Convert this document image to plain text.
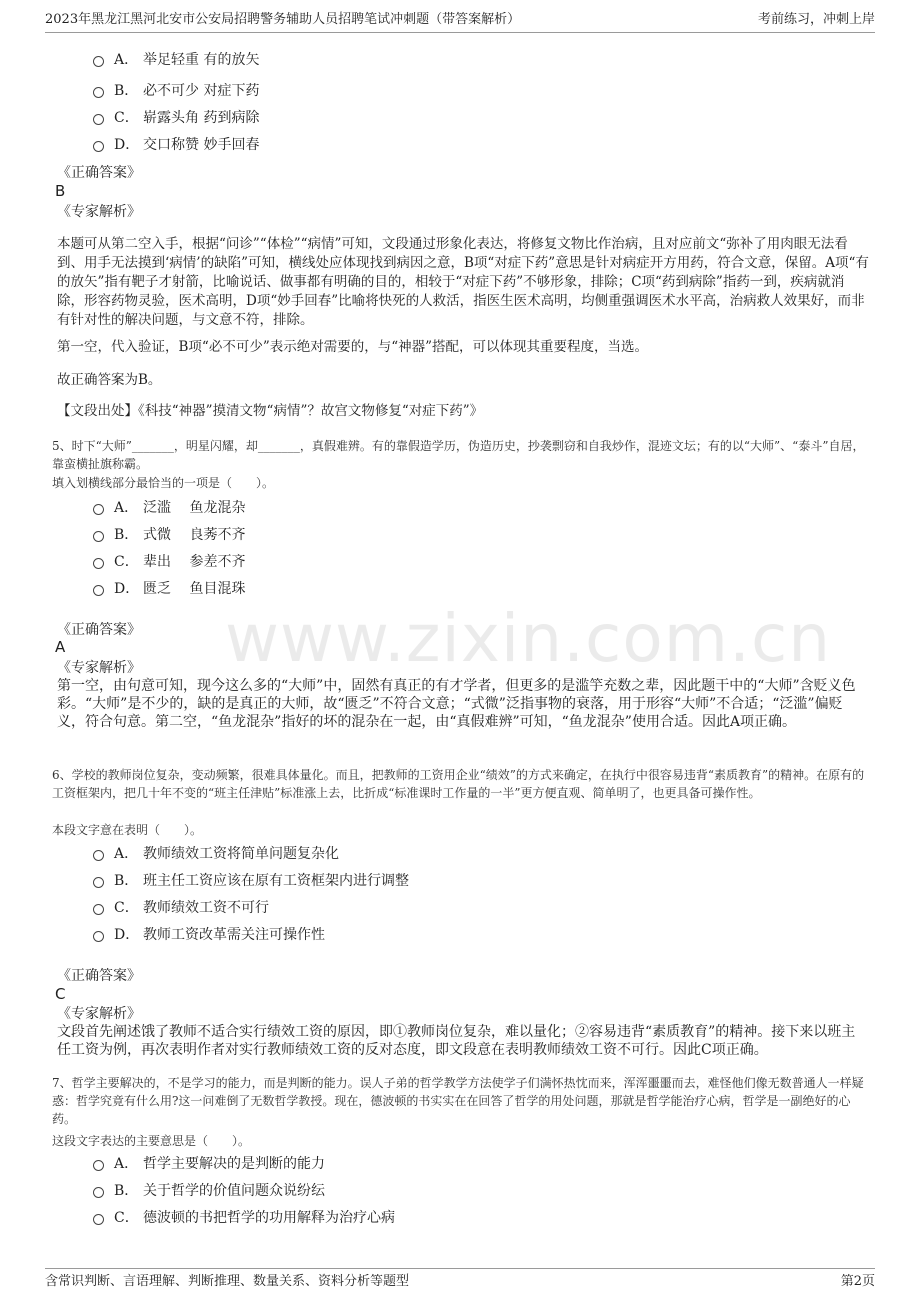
2023年黑龙江黑河北安市公安局招聘警务辅助人员招聘笔试冲刺题（带答案解析）	考前练习，冲刺上岸
www.zixin.com.cn
A． 举足轻重 有的放矢
B． 必不可少 对症下药
C． 崭露头角 药到病除
D． 交口称赞 妙手回春
《正确答案》
B
《专家解析》
本题可从第二空入手，根据“问诊”“体检”“病情”可知，文段通过形象化表达，将修复文物比作治病，且对应前文“弥补了用肉眼无法看到、用手无法摸到‘病情’的缺陷”可知，横线处应体现找到病因之意，B项“对症下药”意思是针对病症开方用药，符合文意，保留。A项“有的放矢”指有靶子才射箭，比喻说话、做事都有明确的目的，相较于“对症下药”不够形象，排除；C项“药到病除”指药一到，疾病就消除，形容药物灵验，医术高明，D项“妙手回春”比喻将快死的人救活，指医生医术高明，均侧重强调医术水平高，治病救人效果好，而非有针对性的解决问题，与文意不符，排除。
第一空，代入验证，B项“必不可少”表示绝对需要的，与“神器”搭配，可以体现其重要程度，当选。
故正确答案为B。
【文段出处】《科技“神器”摸清文物“病情”？故宫文物修复“对症下药”》
5、时下“大师”_______，明星闪耀，却_______，真假难辨。有的靠假造学历，伪造历史，抄袭剽窃和自我炒作，混迹文坛；有的以“大师”、“泰斗”自居，靠蛮横扯旗称霸。
填入划横线部分最恰当的一项是（　　）。
A． 泛滥　 鱼龙混杂
B． 式微　 良莠不齐
C． 辈出　 参差不齐
D． 匮乏　 鱼目混珠
《正确答案》
A
《专家解析》
第一空，由句意可知，现今这么多的“大师”中，固然有真正的有才学者，但更多的是滥竽充数之辈，因此题干中的“大师”含贬义色彩。“大师”是不少的，缺的是真正的大师，故“匮乏”不符合文意；“式微”泛指事物的衰落，用于形容“大师”不合适；“泛滥”偏贬义，符合句意。第二空，“鱼龙混杂”指好的坏的混杂在一起，由“真假难辨”可知，“鱼龙混杂”使用合适。因此A项正确。
6、学校的教师岗位复杂，变动频繁，很难具体量化。而且，把教师的工资用企业“绩效”的方式来确定，在执行中很容易违背“素质教育”的精神。在原有的工资框架内，把几十年不变的“班主任津贴”标准涨上去，比折成“标准课时工作量的一半”更方便直观、简单明了，也更具备可操作性。
本段文字意在表明（　　）。
A． 教师绩效工资将简单问题复杂化
B． 班主任工资应该在原有工资框架内进行调整
C． 教师绩效工资不可行
D． 教师工资改革需关注可操作性
《正确答案》
C
《专家解析》
文段首先阐述饿了教师不适合实行绩效工资的原因，即①教师岗位复杂，难以量化；②容易违背“素质教育”的精神。接下来以班主任工资为例，再次表明作者对实行教师绩效工资的反对态度，即文段意在表明教师绩效工资不可行。因此C项正确。
7、哲学主要解决的，不是学习的能力，而是判断的能力。误人子弟的哲学教学方法使学子们满怀热忱而来，浑浑噩噩而去，难怪他们像无数普通人一样疑惑：哲学究竟有什么用?这一问难倒了无数哲学教授。现在，德波顿的书实实在在回答了哲学的用处问题，那就是哲学能治疗心病，哲学是一副绝好的心药。
这段文字表达的主要意思是（　　）。
A． 哲学主要解决的是判断的能力
B． 关于哲学的价值问题众说纷纭
C． 德波顿的书把哲学的功用解释为治疗心病
含常识判断、言语理解、判断推理、数量关系、资料分析等题型	第2页
